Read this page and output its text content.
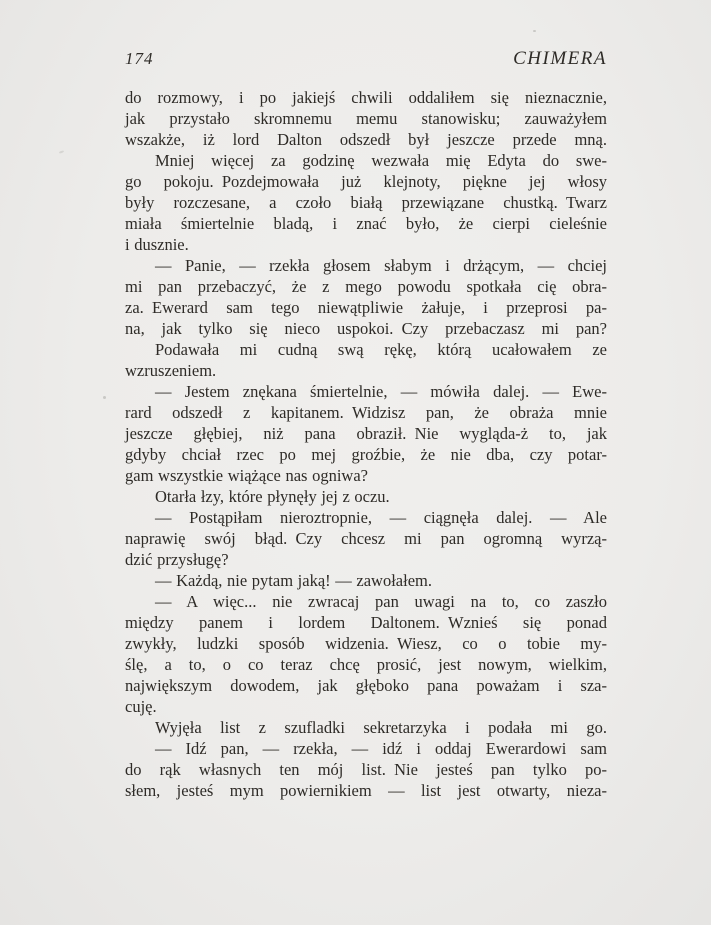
174	CHIMERA
do rozmowy, i po jakiejś chwili oddaliłem się nieznacznie,
jak przystało skromnemu memu stanowisku; zauważyłem
wszakże, iż lord Dalton odszedł był jeszcze przede mną.
Mniej więcej za godzinę wezwała mię Edyta do swe-
go pokoju. Pozdejmowała już klejnoty, piękne jej włosy
były rozczesane, a czoło białą przewiązane chustką. Twarz
miała śmiertelnie bladą, i znać było, że cierpi cieleśnie
i dusznie.
— Panie, — rzekła głosem słabym i drżącym, — chciej
mi pan przebaczyć, że z mego powodu spotkała cię obra-
za. Ewerard sam tego niewątpliwie żałuje, i przeprosi pa-
na, jak tylko się nieco uspokoi. Czy przebaczasz mi pan?
Podawała mi cudną swą rękę, którą ucałowałem ze
wzruszeniem.
— Jestem znękana śmiertelnie, — mówiła dalej. — Ewe-
rard odszedł z kapitanem. Widzisz pan, że obraża mnie
jeszcze głębiej, niż pana obraził. Nie wygląda-ż to, jak
gdyby chciał rzec po mej groźbie, że nie dba, czy potar-
gam wszystkie wiążące nas ogniwa?
Otarła łzy, które płynęły jej z oczu.
— Postąpiłam nieroztropnie, — ciągnęła dalej. — Ale
naprawię swój błąd. Czy chcesz mi pan ogromną wyrzą-
dzić przysługę?
— Każdą, nie pytam jaką! — zawołałem.
— A więc... nie zwracaj pan uwagi na to, co zaszło
między panem i lordem Daltonem. Wznieś się ponad
zwykły, ludzki sposób widzenia. Wiesz, co o tobie my-
ślę, a to, o co teraz chcę prosić, jest nowym, wielkim,
największym dowodem, jak głęboko pana poważam i sza-
cuję.
Wyjęła list z szufladki sekretarzyka i podała mi go.
— Idź pan, — rzekła, — idź i oddaj Ewerardowi sam
do rąk własnych ten mój list. Nie jesteś pan tylko po-
słem, jesteś mym powiernikiem — list jest otwarty, nieza-
